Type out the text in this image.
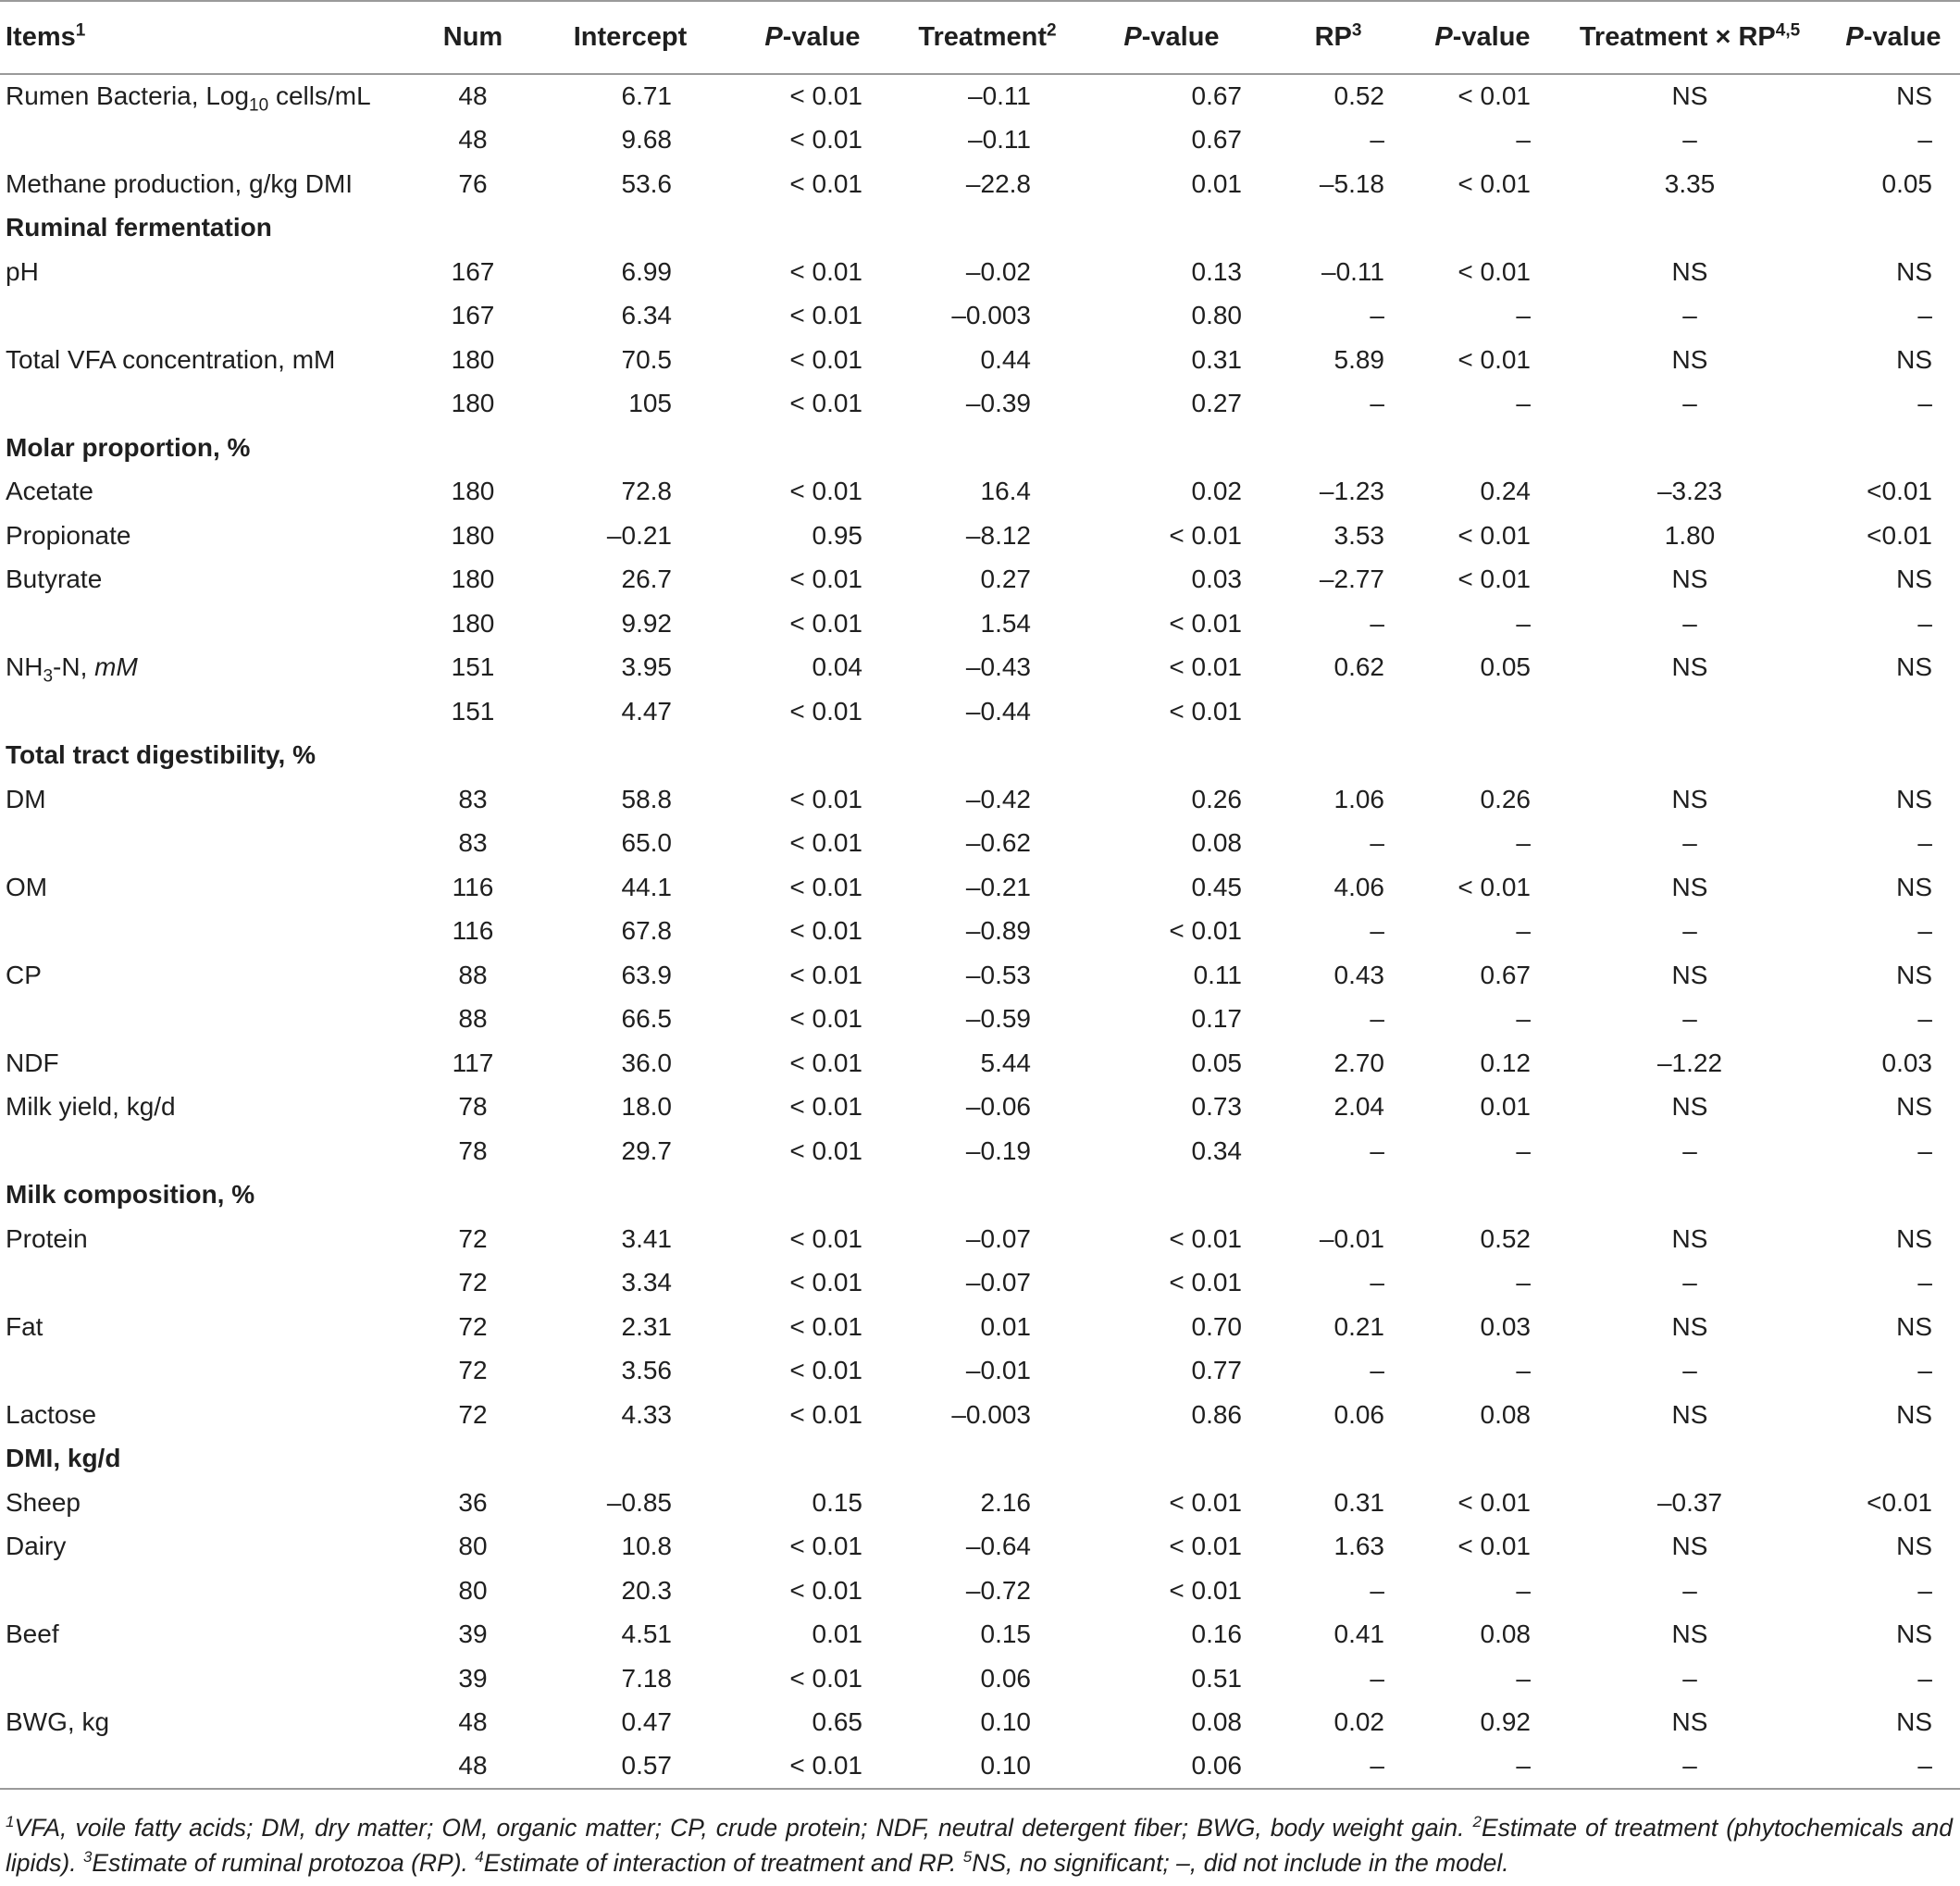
Items$^1$	Num	Intercept	P-value	Treatment$^2$	P-value	$RP^3$	P-value	Treatment × RP$^{4,5}$	P-value
Rumen Bacteria, Log$_{10}$ cells/mL	48	6.71	< 0.01	–0.11	0.67	0.52	< 0.01	NS	NS
	48	9.68	< 0.01	–0.11	0.67	–	–	–	–
Methane production, g/kg DMI	76	53.6	< 0.01	–22.8	0.01	–5.18	< 0.01	3.35	0.05
Ruminal fermentation									
pH	167	6.99	< 0.01	–0.02	0.13	–0.11	< 0.01	NS	NS
	167	6.34	< 0.01	–0.003	0.80	–	–	–	–
Total VFA concentration, mM	180	70.5	< 0.01	0.44	0.31	5.89	< 0.01	NS	NS
	180	105	< 0.01	–0.39	0.27	–	–	–	–
Molar proportion, %									
Acetate	180	72.8	< 0.01	16.4	0.02	–1.23	0.24	–3.23	<0.01
Propionate	180	–0.21	0.95	–8.12	< 0.01	3.53	< 0.01	1.80	<0.01
Butyrate	180	26.7	< 0.01	0.27	0.03	–2.77	< 0.01	NS	NS
	180	9.92	< 0.01	1.54	< 0.01	–	–	–	–
$NH_3-N$, mM	151	3.95	0.04	–0.43	< 0.01	0.62	0.05	NS	NS
	151	4.47	< 0.01	–0.44	< 0.01				
Total tract digestibility, %									
DM	83	58.8	< 0.01	–0.42	0.26	1.06	0.26	NS	NS
	83	65.0	< 0.01	–0.62	0.08	–	–	–	–
OM	116	44.1	< 0.01	–0.21	0.45	4.06	< 0.01	NS	NS
	116	67.8	< 0.01	–0.89	< 0.01	–	–	–	–
CP	88	63.9	< 0.01	–0.53	0.11	0.43	0.67	NS	NS
	88	66.5	< 0.01	–0.59	0.17	–	–	–	–
NDF	117	36.0	< 0.01	5.44	0.05	2.70	0.12	–1.22	0.03
Milk yield, kg/d	78	18.0	< 0.01	–0.06	0.73	2.04	0.01	NS	NS
	78	29.7	< 0.01	–0.19	0.34	–	–	–	–
Milk composition, %									
Protein	72	3.41	< 0.01	–0.07	< 0.01	–0.01	0.52	NS	NS
	72	3.34	< 0.01	–0.07	< 0.01	–	–	–	–
Fat	72	2.31	< 0.01	0.01	0.70	0.21	0.03	NS	NS
	72	3.56	< 0.01	–0.01	0.77	–	–	–	–
Lactose	72	4.33	< 0.01	–0.003	0.86	0.06	0.08	NS	NS
DMI, kg/d									
Sheep	36	–0.85	0.15	2.16	< 0.01	0.31	< 0.01	–0.37	<0.01
Dairy	80	10.8	< 0.01	–0.64	< 0.01	1.63	< 0.01	NS	NS
	80	20.3	< 0.01	–0.72	< 0.01	–	–	–	–
Beef	39	4.51	0.01	0.15	0.16	0.41	0.08	NS	NS
	39	7.18	< 0.01	0.06	0.51	–	–	–	–
BWG, kg	48	0.47	0.65	0.10	0.08	0.02	0.92	NS	NS
	48	0.57	< 0.01	0.10	0.06	–	–	–	–
$^1$VFA, voile fatty acids; DM, dry matter; OM, organic matter; CP, crude protein; NDF, neutral detergent fiber; BWG, body weight gain. $^2$Estimate of treatment (phytochemicals and lipids). $^3$Estimate of ruminal protozoa (RP). $^4$Estimate of interaction of treatment and RP. $^5$NS, no significant; –, did not include in the model.
